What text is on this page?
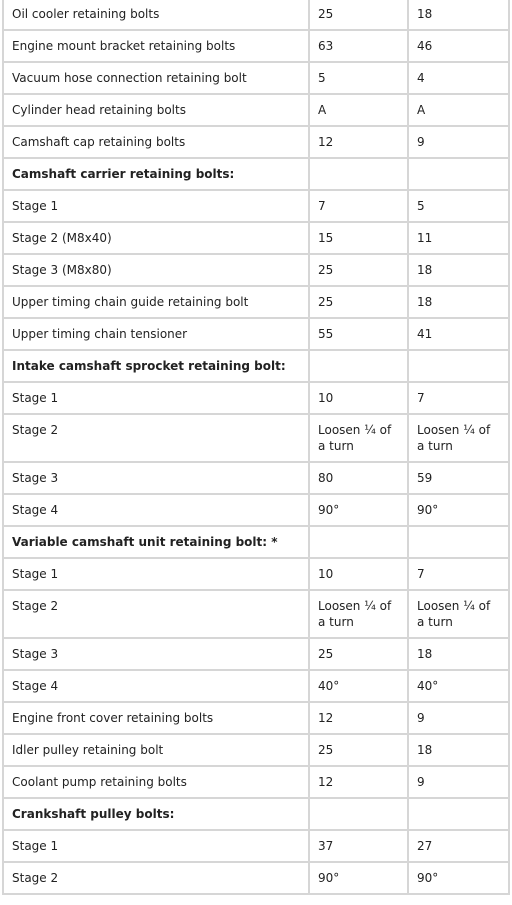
Oil cooler retaining bolts	25	18
Engine mount bracket retaining bolts	63	46
Vacuum hose connection retaining bolt	5	4
Cylinder head retaining bolts	A	A
Camshaft cap retaining bolts	12	9
Camshaft carrier retaining bolts:		
Stage 1	7	5
Stage 2 (M8x40)	15	11
Stage 3 (M8x80)	25	18
Upper timing chain guide retaining bolt	25	18
Upper timing chain tensioner	55	41
Intake camshaft sprocket retaining bolt:		
Stage 1	10	7
Stage 2	Loosen ¼ of a turn	Loosen ¼ of a turn
Stage 3	80	59
Stage 4	90°	90°
Variable camshaft unit retaining bolt: *		
Stage 1	10	7
Stage 2	Loosen ¼ of a turn	Loosen ¼ of a turn
Stage 3	25	18
Stage 4	40°	40°
Engine front cover retaining bolts	12	9
Idler pulley retaining bolt	25	18
Coolant pump retaining bolts	12	9
Crankshaft pulley bolts:		
Stage 1	37	27
Stage 2	90°	90°
